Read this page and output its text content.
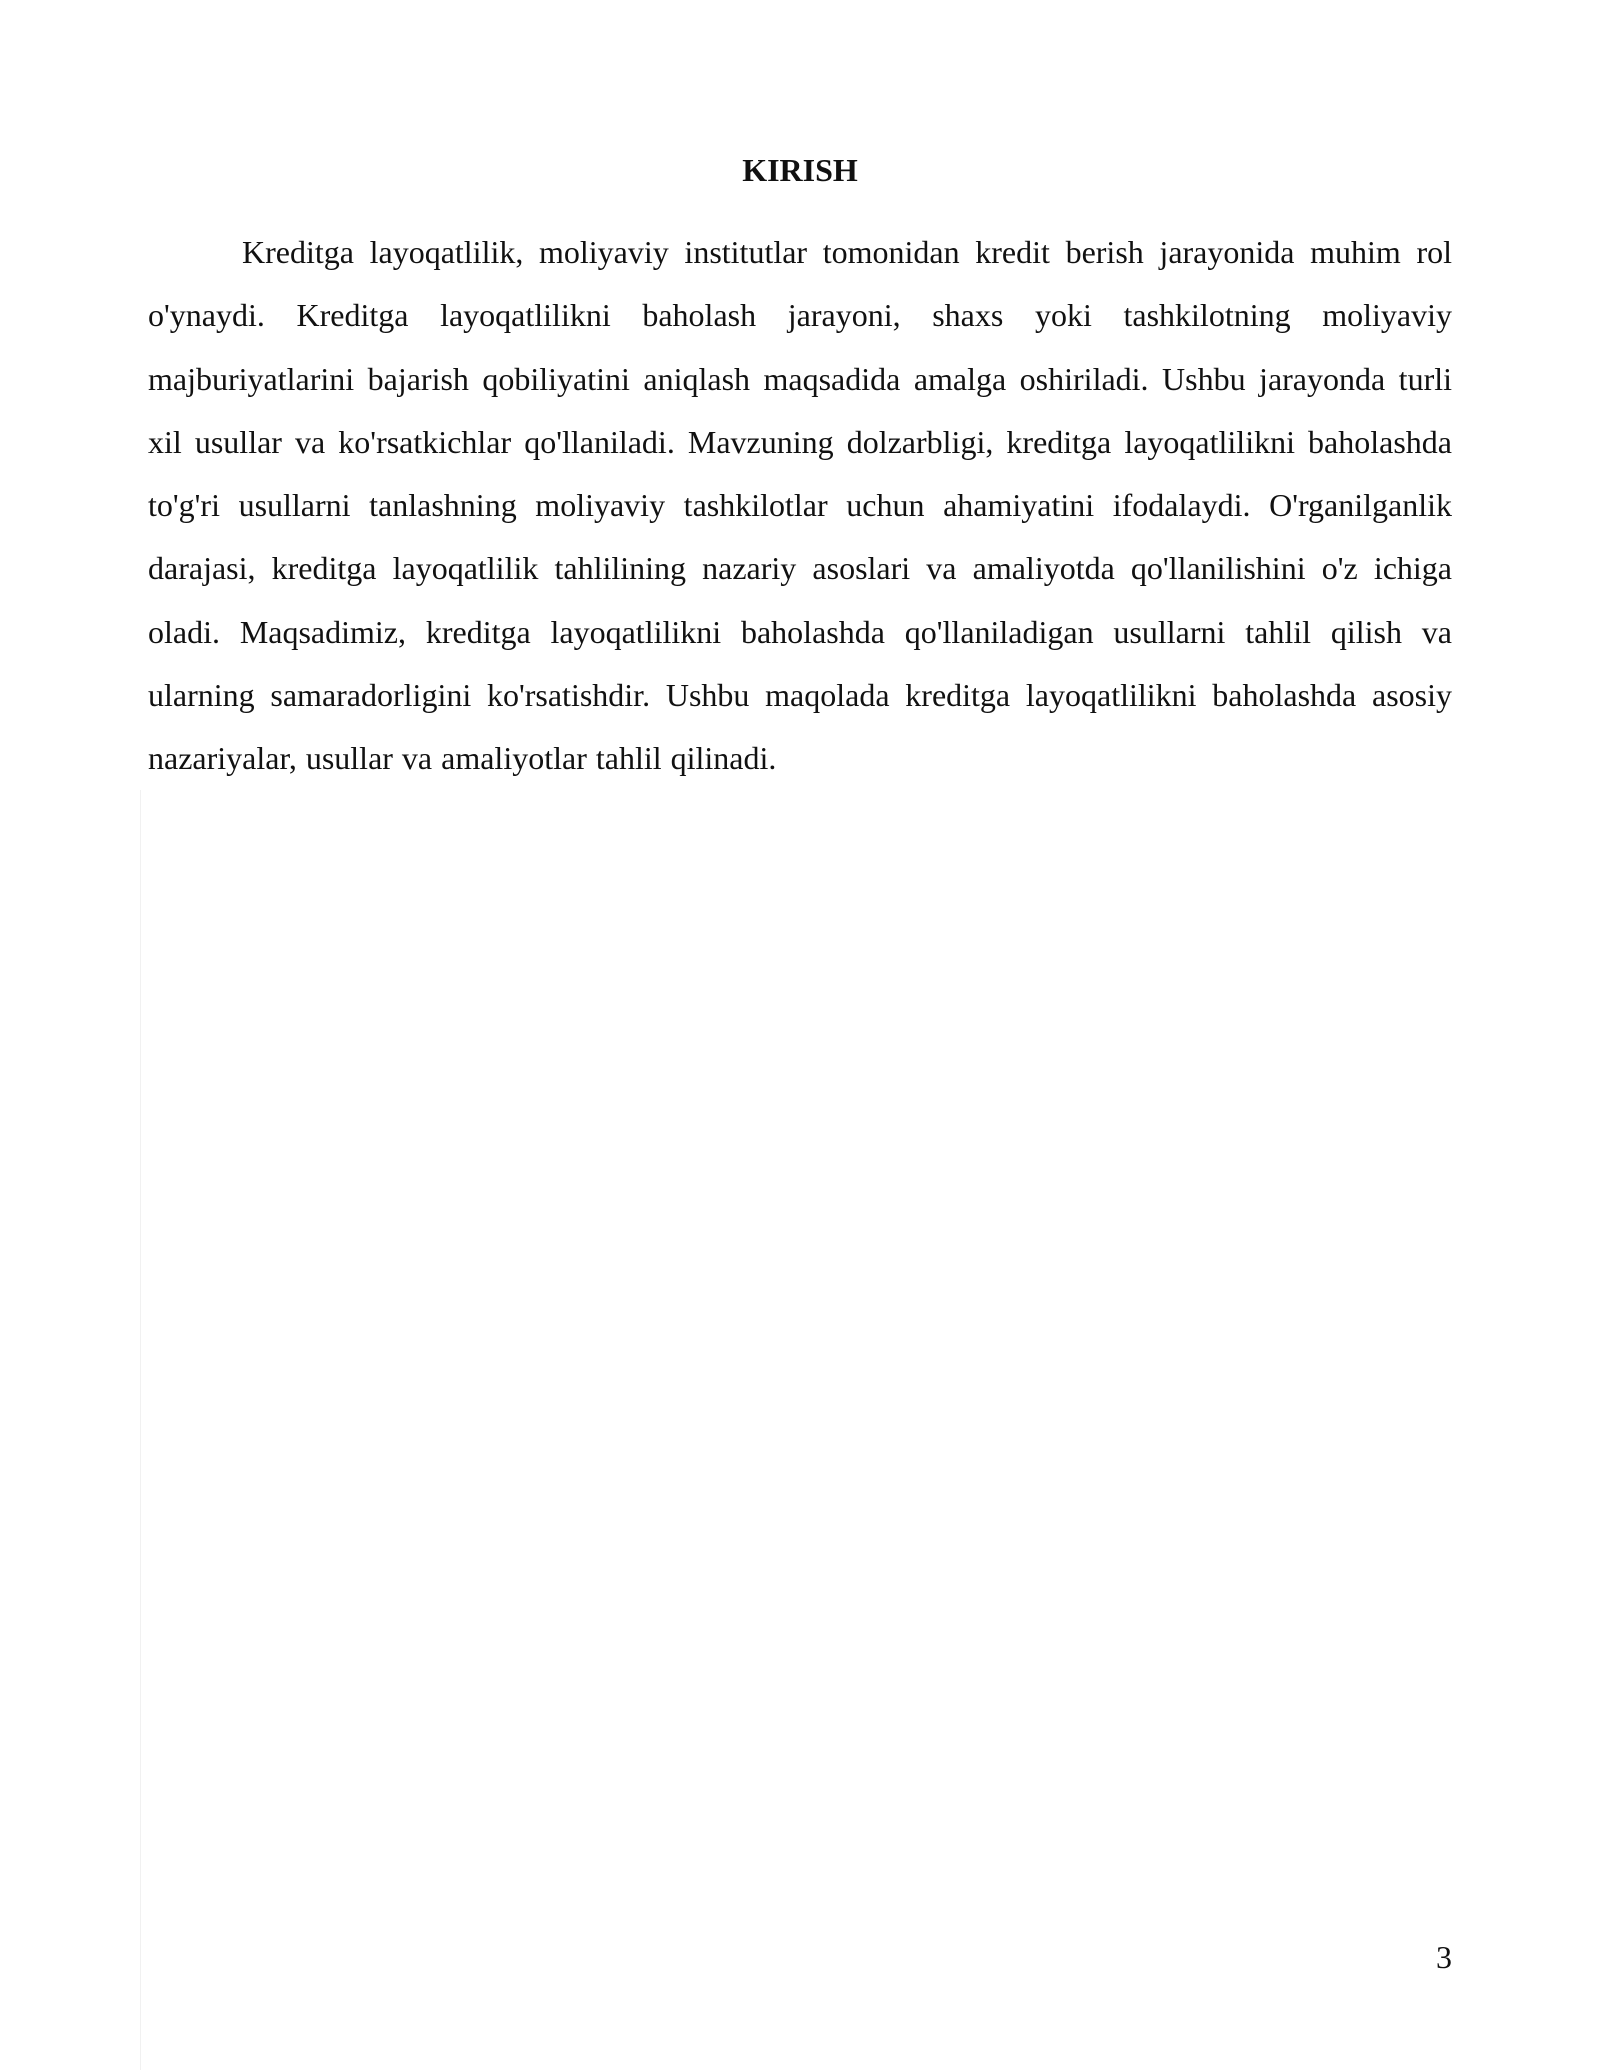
KIRISH

Kreditga layoqatlilik, moliyaviy institutlar tomonidan kredit berish jarayonida muhim rol o'ynaydi. Kreditga layoqatlilikni baholash jarayoni, shaxs yoki tashkilotning moliyaviy majburiyatlarini bajarish qobiliyatini aniqlash maqsadida amalga oshiriladi. Ushbu jarayonda turli xil usullar va ko'rsatkichlar qo'llaniladi. Mavzuning dolzarbligi, kreditga layoqatlilikni baholashda to'g'ri usullarni tanlashning moliyaviy tashkilotlar uchun ahamiyatini ifodalaydi. O'rganilganlik darajasi, kreditga layoqatlilik tahlilining nazariy asoslari va amaliyotda qo'llanilishini o'z ichiga oladi. Maqsadimiz, kreditga layoqatlilikni baholashda qo'llaniladigan usullarni tahlil qilish va ularning samaradorligini ko'rsatishdir. Ushbu maqolada kreditga layoqatlilikni baholashda asosiy nazariyalar, usullar va amaliyotlar tahlil qilinadi.

3
